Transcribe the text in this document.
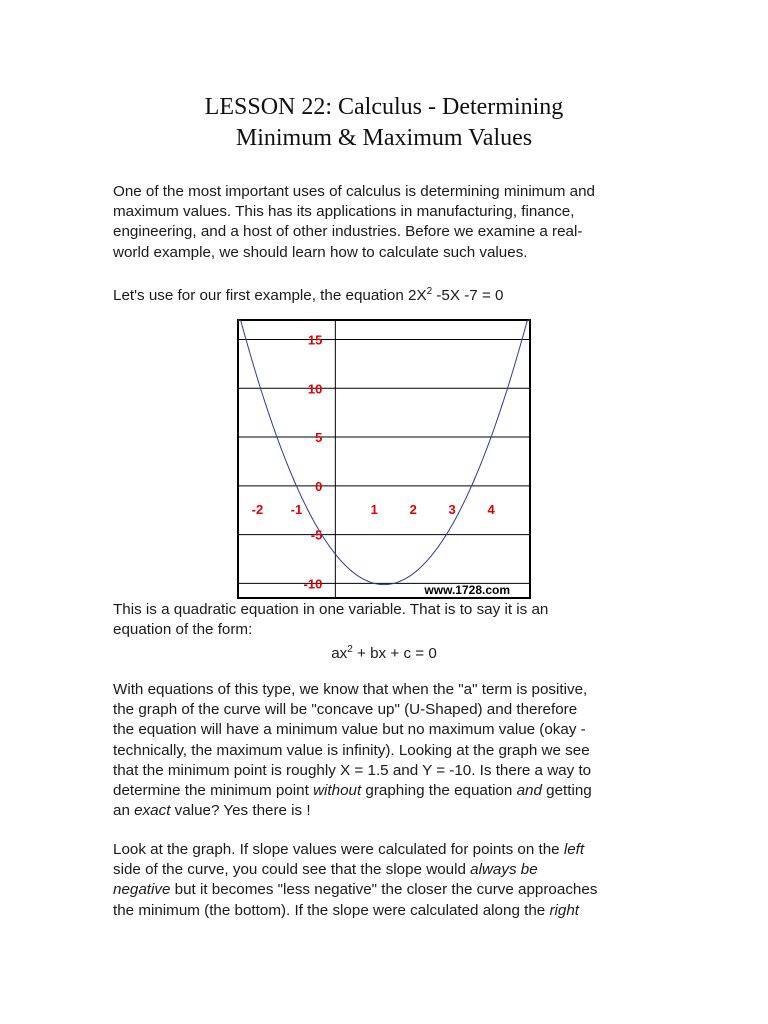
LESSON 22: Calculus - Determining
Minimum & Maximum Values
One of the most important uses of calculus is determining minimum and
maximum values. This has its applications in manufacturing, finance,
engineering, and a host of other industries. Before we examine a real-
world example, we should learn how to calculate such values.
Let's use for our first example, the equation $2X^2$ -5X -7 = 0
15
10
5
0
-5
-10
-2 -1	1 2 3 4
www.1728.com
This is a quadratic equation in one variable. That is to say it is an
equation of the form:
$ax^2$ + bx + c = 0
With equations of this type, we know that when the "a" term is positive,
the graph of the curve will be "concave up" (U-Shaped) and therefore
the equation will have a minimum value but no maximum value (okay -
technically, the maximum value is infinity). Looking at the graph we see
that the minimum point is roughly X = 1.5 and Y = -10. Is there a way to
determine the minimum point without graphing the equation and getting
an exact value? Yes there is !
Look at the graph. If slope values were calculated for points on the left
side of the curve, you could see that the slope would always be
negative but it becomes "less negative" the closer the curve approaches
the minimum (the bottom). If the slope were calculated along the right
